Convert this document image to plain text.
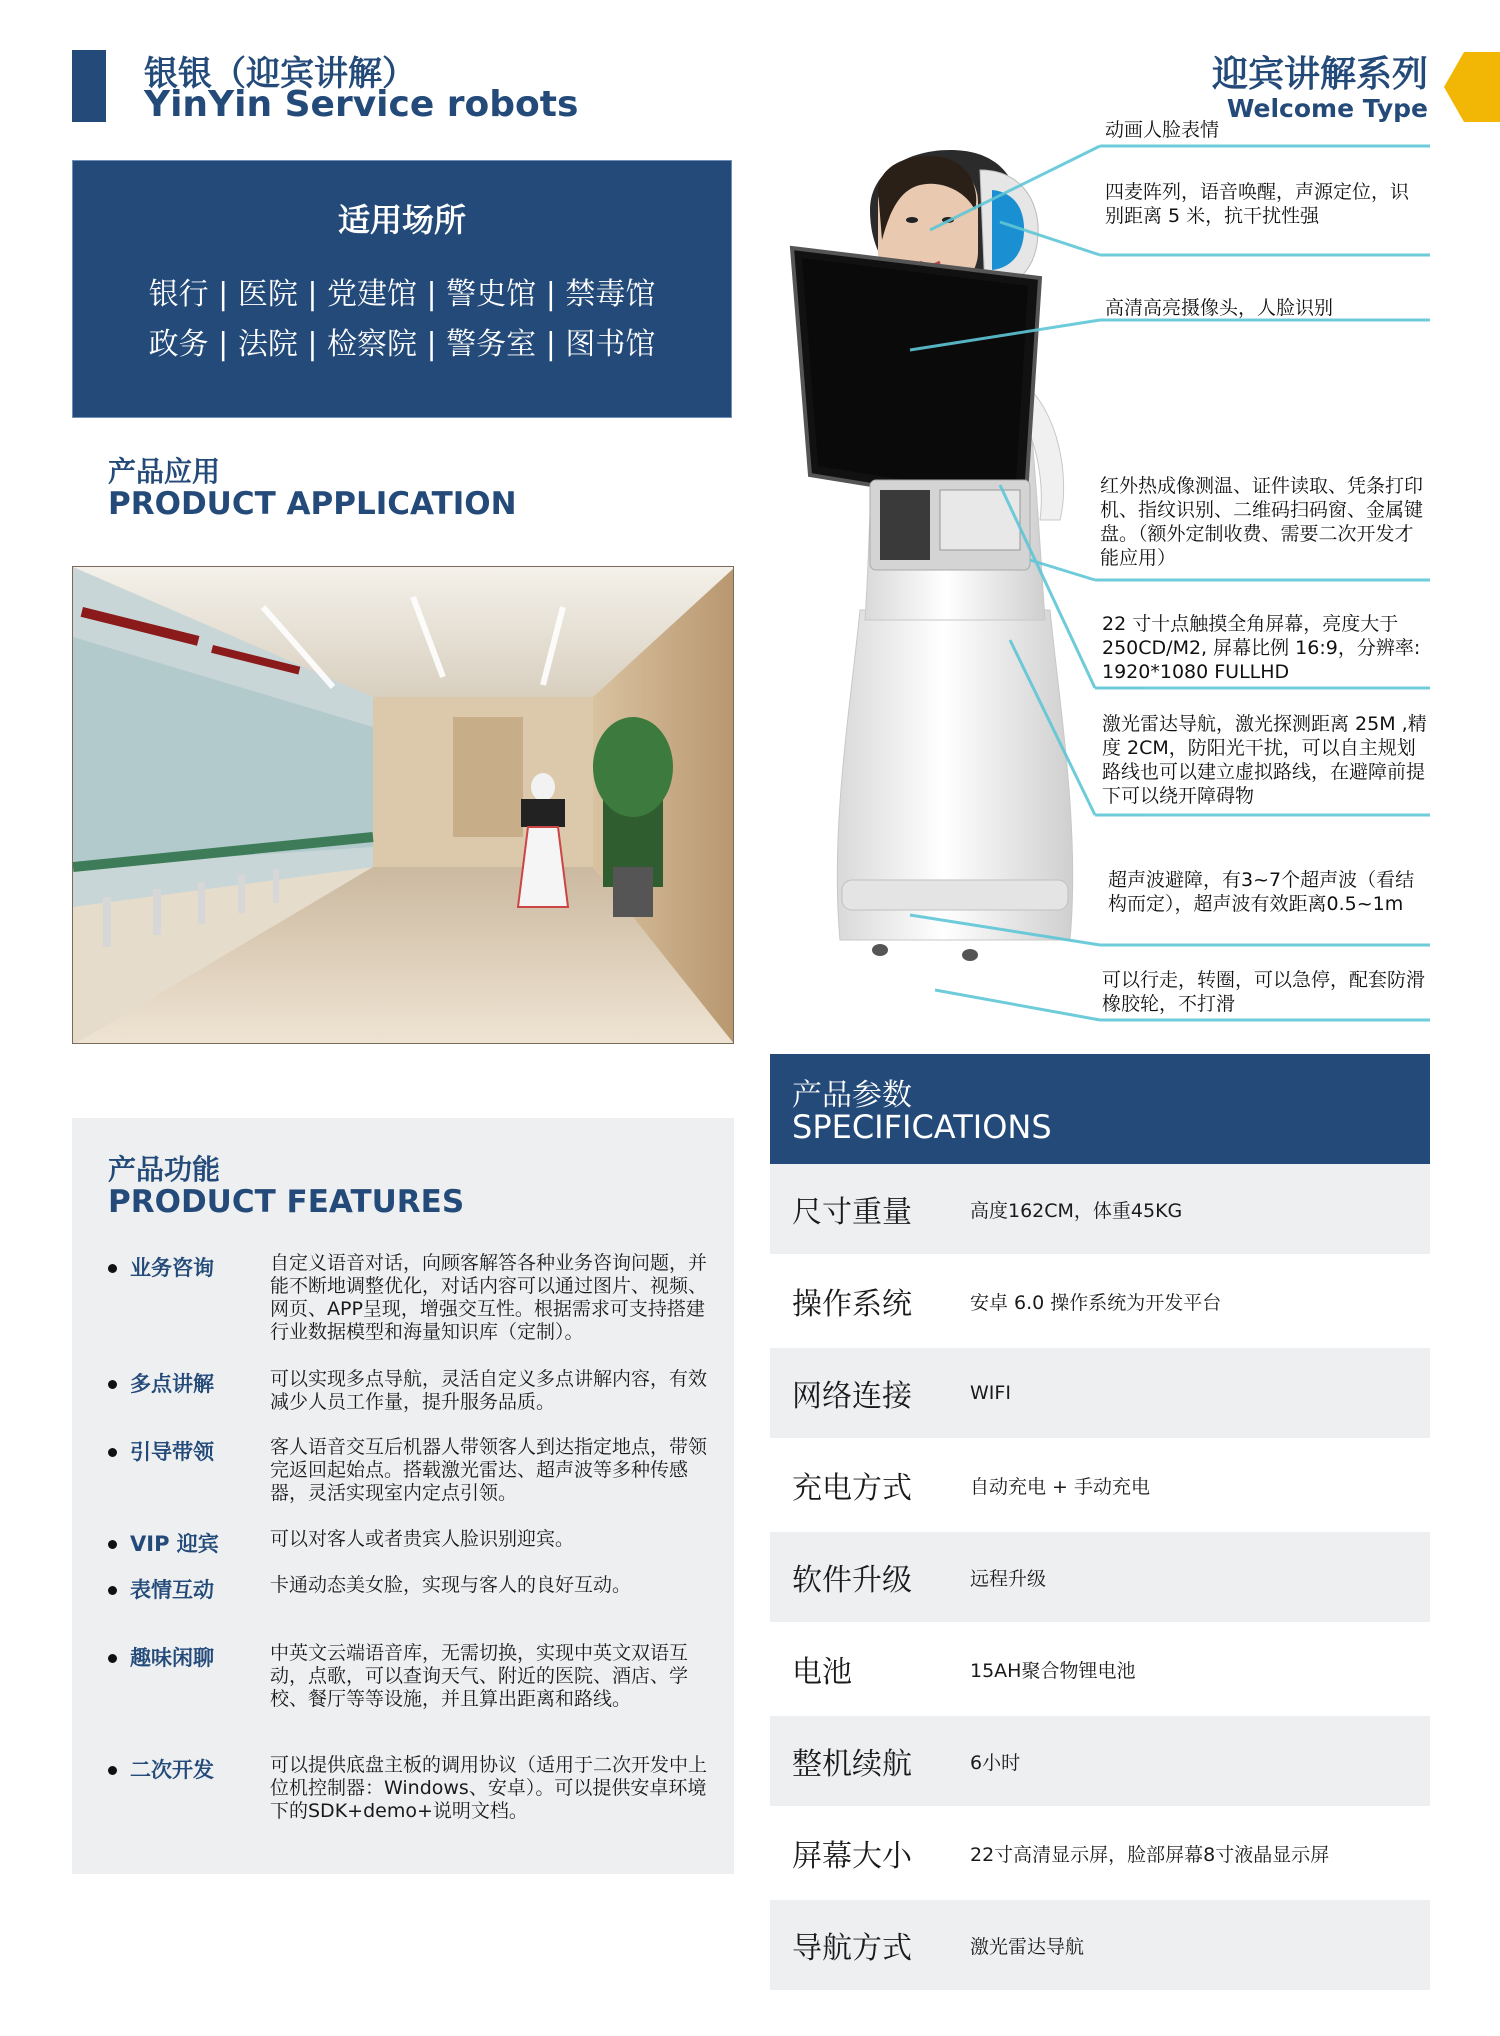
银银（迎宾讲解）
YinYin Service robots
迎宾讲解系列
Welcome Type
适用场所
银行 | 医院 | 党建馆 | 警史馆 | 禁毒馆
政务 | 法院 | 检察院 | 警务室 | 图书馆
产品应用
PRODUCT APPLICATION
产品功能
PRODUCT FEATURES
业务咨询	自定义语音对话，向顾客解答各种业务咨询问题，并能不断地调整优化，对话内容可以通过图片、视频、网页、APP呈现，增强交互性。根据需求可支持搭建行业数据模型和海量知识库（定制）。
多点讲解	可以实现多点导航，灵活自定义多点讲解内容，有效减少人员工作量，提升服务品质。
引导带领	客人语音交互后机器人带领客人到达指定地点，带领完返回起始点。搭载激光雷达、超声波等多种传感器，灵活实现室内定点引领。
VIP 迎宾	可以对客人或者贵宾人脸识别迎宾。
表情互动	卡通动态美女脸，实现与客人的良好互动。
趣味闲聊	中英文云端语音库，无需切换，实现中英文双语互动，点歌，可以查询天气、附近的医院、酒店、学校、餐厅等等设施，并且算出距离和路线。
二次开发	可以提供底盘主板的调用协议（适用于二次开发中上位机控制器：Windows、安卓）。可以提供安卓环境下的SDK+demo+说明文档。
动画人脸表情
四麦阵列，语音唤醒，声源定位，识别距离 5 米，抗干扰性强
高清高亮摄像头，人脸识别
红外热成像测温、证件读取、凭条打印机、指纹识别、二维码扫码窗、金属键盘。（额外定制收费、需要二次开发才能应用）
22 寸十点触摸全角屏幕，亮度大于250CD/M2, 屏幕比例 16:9，分辨率: 1920*1080 FULLHD
激光雷达导航，激光探测距离 25M ,精度 2CM，防阳光干扰，可以自主规划路线也可以建立虚拟路线，在避障前提下可以绕开障碍物
超声波避障，有3~7个超声波（看结构而定），超声波有效距离0.5~1m
可以行走，转圈，可以急停，配套防滑橡胶轮，不打滑
产品参数
SPECIFICATIONS
尺寸重量	高度162CM，体重45KG
操作系统	安卓 6.0 操作系统为开发平台
网络连接	WIFI
充电方式	自动充电 + 手动充电
软件升级	远程升级
电池	15AH聚合物锂电池
整机续航	6小时
屏幕大小	22寸高清显示屏，脸部屏幕8寸液晶显示屏
导航方式	激光雷达导航
